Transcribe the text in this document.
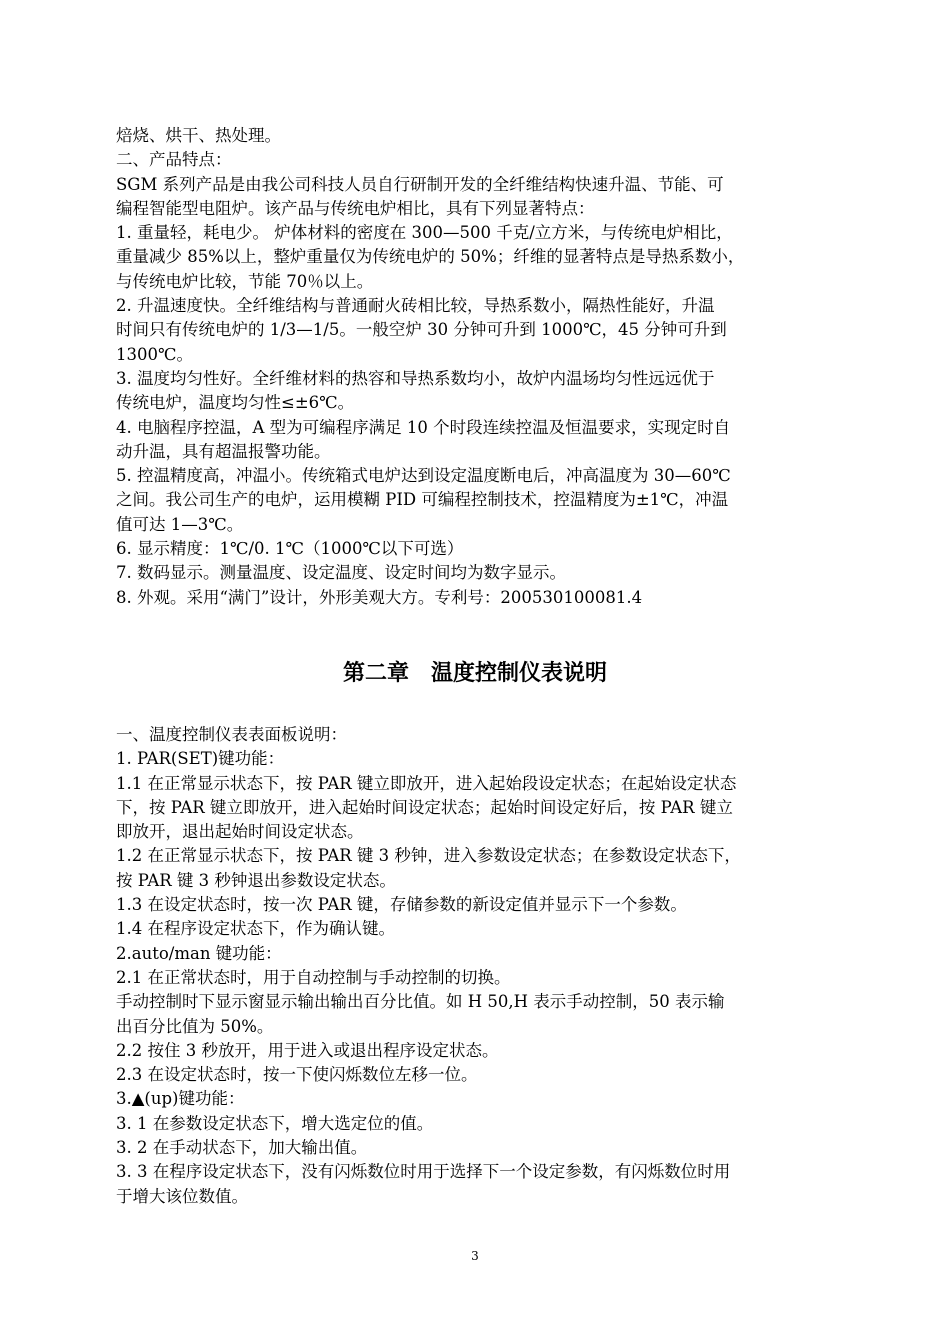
焙烧、烘干、热处理。

二、产品特点：

SGM 系列产品是由我公司科技人员自行研制开发的全纤维结构快速升温、节能、可

编程智能型电阻炉。该产品与传统电炉相比，具有下列显著特点：

1. 重量轻，耗电少。 炉体材料的密度在 300—500 千克/立方米，与传统电炉相比，

重量减少 85%以上，整炉重量仅为传统电炉的 50%；纤维的显著特点是导热系数小，

与传统电炉比较，节能 70％以上。

2. 升温速度快。全纤维结构与普通耐火砖相比较，导热系数小，隔热性能好，升温

时间只有传统电炉的 1/3—1/5。一般空炉 30 分钟可升到 1000℃，45 分钟可升到

1300℃。

3. 温度均匀性好。全纤维材料的热容和导热系数均小，故炉内温场均匀性远远优于

传统电炉，温度均匀性≤±6℃。

4. 电脑程序控温，A 型为可编程序满足 10 个时段连续控温及恒温要求，实现定时自

动升温，具有超温报警功能。

5. 控温精度高，冲温小。传统箱式电炉达到设定温度断电后，冲高温度为 30—60℃

之间。我公司生产的电炉，运用模糊 PID 可编程控制技术，控温精度为±1℃，冲温

值可达 1—3℃。

6. 显示精度：1℃/0. 1℃（1000℃以下可选）

7. 数码显示。测量温度、设定温度、设定时间均为数字显示。

8. 外观。采用“满门”设计，外形美观大方。专利号：200530100081.4

第二章　温度控制仪表说明

一、温度控制仪表表面板说明：

1. PAR(SET)键功能：

1.1 在正常显示状态下，按 PAR 键立即放开，进入起始段设定状态；在起始设定状态

下，按 PAR 键立即放开，进入起始时间设定状态；起始时间设定好后，按 PAR 键立

即放开，退出起始时间设定状态。

1.2 在正常显示状态下，按 PAR 键 3 秒钟，进入参数设定状态；在参数设定状态下，

按 PAR 键 3 秒钟退出参数设定状态。

1.3 在设定状态时，按一次 PAR 键，存储参数的新设定值并显示下一个参数。

1.4 在程序设定状态下，作为确认键。

2.auto/man 键功能：

2.1 在正常状态时，用于自动控制与手动控制的切换。

手动控制时下显示窗显示输出输出百分比值。如 H 50,H 表示手动控制，50 表示输

出百分比值为 50%。

2.2 按住 3 秒放开，用于进入或退出程序设定状态。

2.3 在设定状态时，按一下使闪烁数位左移一位。

3.▲(up)键功能：

3. 1 在参数设定状态下，增大选定位的值。

3. 2 在手动状态下，加大输出值。

3. 3 在程序设定状态下，没有闪烁数位时用于选择下一个设定参数，有闪烁数位时用

于增大该位数值。

3
